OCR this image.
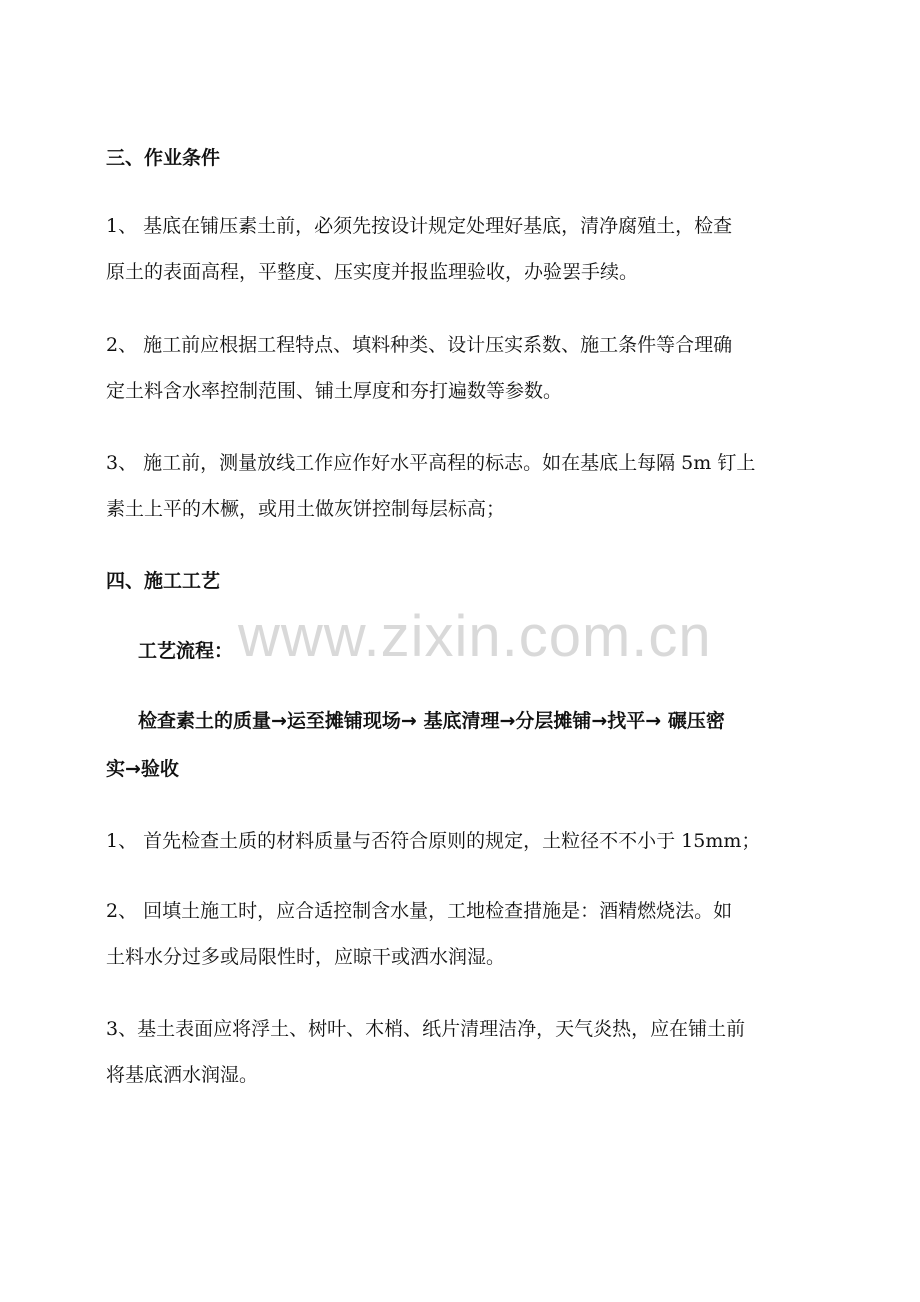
www.zixin.com.cn
三、作业条件
1、 基底在铺压素土前，必须先按设计规定处理好基底，清净腐殖土，检查
原土的表面高程，平整度、压实度并报监理验收，办验罢手续。
2、 施工前应根据工程特点、填料种类、设计压实系数、施工条件等合理确
定土料含水率控制范围、铺土厚度和夯打遍数等参数。
3、 施工前，测量放线工作应作好水平高程的标志。如在基底上每隔 5m 钉上
素土上平的木橛，或用土做灰饼控制每层标高；
四、施工工艺
工艺流程：
检查素土的质量→运至摊铺现场→ 基底清理→分层摊铺→找平→ 碾压密
实→验收
1、 首先检查土质的材料质量与否符合原则的规定，土粒径不不小于 15mm；
2、 回填土施工时，应合适控制含水量，工地检查措施是：酒精燃烧法。如
土料水分过多或局限性时，应晾干或洒水润湿。
3、基土表面应将浮土、树叶、木梢、纸片清理洁净，天气炎热，应在铺土前
将基底洒水润湿。
